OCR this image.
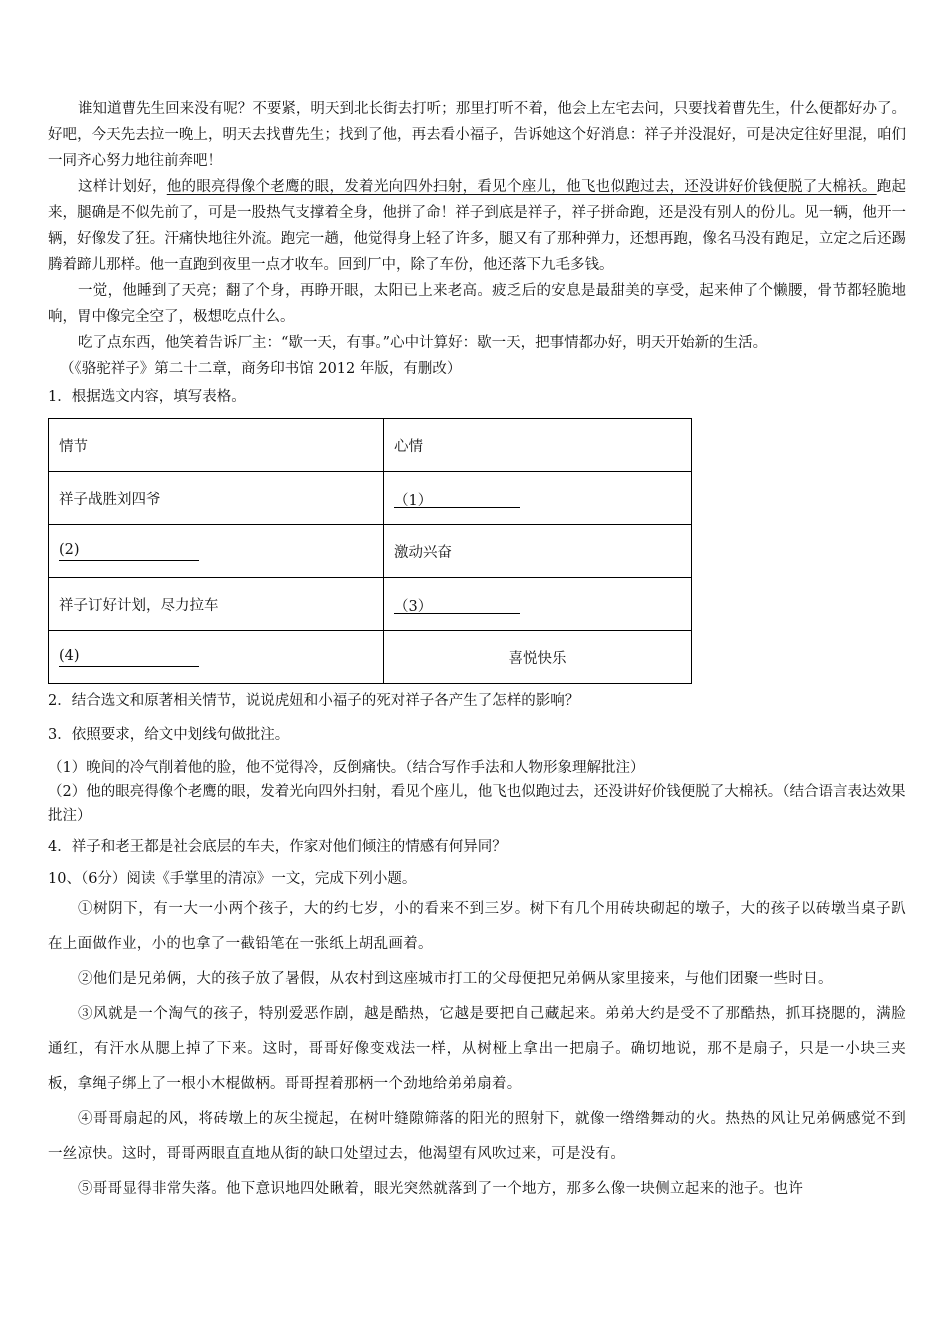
谁知道曹先生回来没有呢？不要紧，明天到北长街去打听；那里打听不着，他会上左宅去问，只要找着曹先生，什么便都好办了。好吧，今天先去拉一晚上，明天去找曹先生；找到了他，再去看小福子，告诉她这个好消息：祥子并没混好，可是决定往好里混，咱们一同齐心努力地往前奔吧！

这样计划好，他的眼亮得像个老鹰的眼，发着光向四外扫射，看见个座儿，他飞也似跑过去，还没讲好价钱便脱了大棉袄。跑起来，腿确是不似先前了，可是一股热气支撑着全身，他拼了命！祥子到底是祥子，祥子拼命跑，还是没有别人的份儿。见一辆，他开一辆，好像发了狂。汗痛快地往外流。跑完一趟，他觉得身上轻了许多，腿又有了那种弹力，还想再跑，像名马没有跑足，立定之后还踢腾着蹄儿那样。他一直跑到夜里一点才收车。回到厂中，除了车份，他还落下九毛多钱。

一觉，他睡到了天亮；翻了个身，再睁开眼，太阳已上来老高。疲乏后的安息是最甜美的享受，起来伸了个懒腰，骨节都轻脆地响，胃中像完全空了，极想吃点什么。

吃了点东西，他笑着告诉厂主：“歇一天，有事。”心中计算好：歇一天，把事情都办好，明天开始新的生活。

（《骆驼祥子》第二十二章，商务印书馆 2012 年版，有删改）

1．根据选文内容，填写表格。

情节	心情
祥子战胜刘四爷	（1）
(2)	激动兴奋
祥子订好计划，尽力拉车	（3）
(4)	喜悦快乐

2．结合选文和原著相关情节，说说虎妞和小福子的死对祥子各产生了怎样的影响？

3．依照要求，给文中划线句做批注。

（1）晚间的冷气削着他的脸，他不觉得冷，反倒痛快。（结合写作手法和人物形象理解批注）

（2）他的眼亮得像个老鹰的眼，发着光向四外扫射，看见个座儿，他飞也似跑过去，还没讲好价钱便脱了大棉袄。（结合语言表达效果批注）

4．祥子和老王都是社会底层的车夫，作家对他们倾注的情感有何异同？

10、（6分）阅读《手掌里的清凉》一文，完成下列小题。

①树阴下，有一大一小两个孩子，大的约七岁，小的看来不到三岁。树下有几个用砖块砌起的墩子，大的孩子以砖墩当桌子趴在上面做作业，小的也拿了一截铅笔在一张纸上胡乱画着。

②他们是兄弟俩，大的孩子放了暑假，从农村到这座城市打工的父母便把兄弟俩从家里接来，与他们团聚一些时日。

③风就是一个淘气的孩子，特别爱恶作剧，越是酷热，它越是要把自己藏起来。弟弟大约是受不了那酷热，抓耳挠腮的，满脸通红，有汗水从腮上掉了下来。这时，哥哥好像变戏法一样，从树桠上拿出一把扇子。确切地说，那不是扇子，只是一小块三夹板，拿绳子绑上了一根小木棍做柄。哥哥捏着那柄一个劲地给弟弟扇着。

④哥哥扇起的风，将砖墩上的灰尘搅起，在树叶缝隙筛落的阳光的照射下，就像一绺绺舞动的火。热热的风让兄弟俩感觉不到一丝凉快。这时，哥哥两眼直直地从街的缺口处望过去，他渴望有风吹过来，可是没有。

⑤哥哥显得非常失落。他下意识地四处瞅着，眼光突然就落到了一个地方，那多么像一块侧立起来的池子。也许
